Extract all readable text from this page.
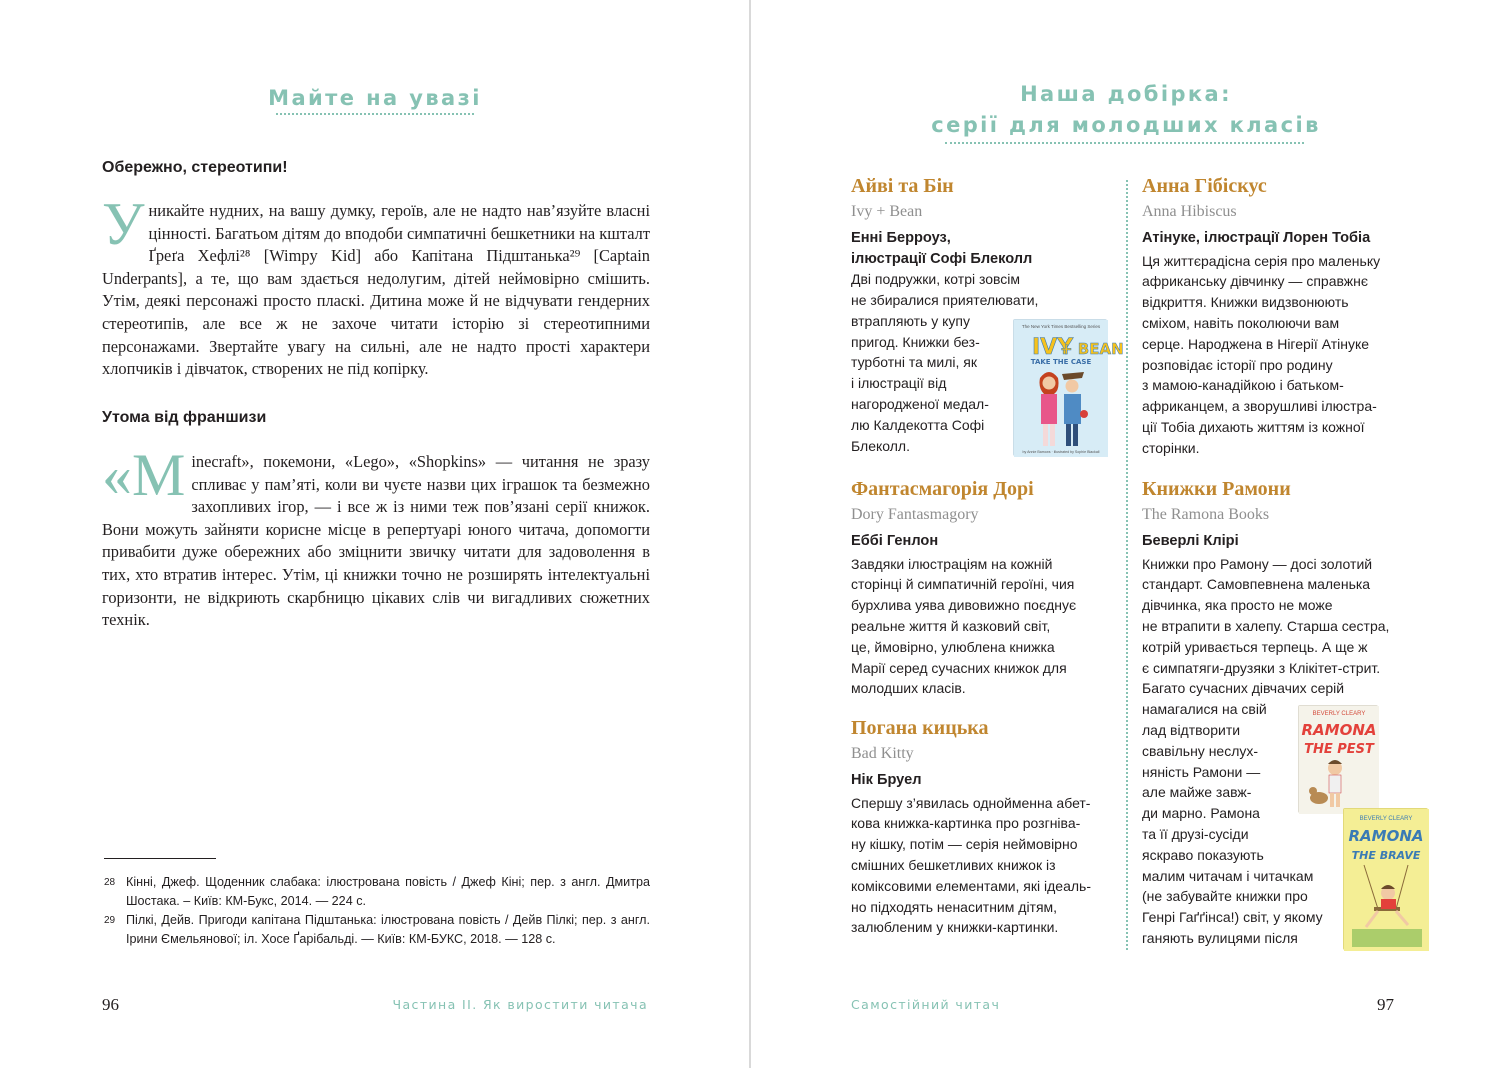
Майте на увазі
Обережно, стереотипи!
У никайте нудних, на вашу думку, героїв, але не надто нав’язуйте власні цінності. Багатьом дітям до вподоби симпатичні бешкетники на кшталт Ґреґа Хефлі²⁸ [Wimpy Kid] або Капітана Підштанька²⁹ [Captain Underpants], а те, що вам здається недолугим, дітей неймовірно смішить. Утім, деякі персонажі просто пласкі. Дитина може й не відчувати гендерних стереотипів, але все ж не захоче читати історію зі стереотипними персонажами. Звертайте увагу на сильні, але не надто прості характери хлопчиків і дівчаток, створених не під копірку.
Утома від франшизи
«М inecraft», покемони, «Lego», «Shopkins» — читання не зразу спливає у пам’яті, коли ви чуєте назви цих іграшок та безмежно захопливих ігор, — і все ж із ними теж пов’язані серії книжок. Вони можуть зайняти корисне місце в репертуарі юного читача, допомогти привабити дуже обережних або зміцнити звичку читати для задоволення в тих, хто втратив інтерес. Утім, ці книжки точно не розширять інтелектуальні горизонти, не відкриють скарбницю цікавих слів чи вигадливих сюжетних технік.
28 Кінні, Джеф. Щоденник слабака: ілюстрована повість / Джеф Кіні; пер. з англ. Дмитра Шостака. – Київ: КМ-Букс, 2014. — 224 с.
29 Пілкі, Дейв. Пригоди капітана Підштанька: ілюстрована повість / Дейв Пілкі; пер. з англ. Ірини Ємельянової; іл. Хосе Ґарібальді. — Київ: КМ-БУКС, 2018. — 128 с.
96	Частина ІІ. Як виростити читача
Наша добірка:
серії для молодших класів
Айві та Бін
Ivy + Bean
Енні Берроуз,
ілюстрації Софі Блеколл
Дві подружки, котрі зовсім
не збиралися приятелювати,
втрапляють у купу
пригод. Книжки без-
турботні та милі, як
і ілюстрації від
нагородженої медал-
лю Калдекотта Софі
Блеколл.
Фантасмагорія Дорі
Dory Fantasmagory
Еббі Генлон
Завдяки ілюстраціям на кожній
сторінці й симпатичній героїні, чия
бурхлива уява дивовижно поєднує
реальне життя й казковий світ,
це, ймовірно, улюблена книжка
Марії серед сучасних книжок для
молодших класів.
Погана кицька
Bad Kitty
Нік Бруел
Спершу з’явилась однойменна абет-
кова книжка-картинка про розгніва-
ну кішку, потім — серія неймовірно
смішних бешкетливих книжок із
коміксовими елементами, які ідеаль-
но підходять ненаситним дітям,
залюбленим у книжки-картинки.
Анна Гібіскус
Anna Hibiscus
Атінуке, ілюстрації Лорен Тобіа
Ця життєрадісна серія про маленьку
африканську дівчинку — справжнє
відкриття. Книжки видзвонюють
сміхом, навіть поколюючи вам
серце. Народжена в Нігерії Атінуке
розповідає історії про родину
з мамою-канадійкою і батьком-
африканцем, а зворушливі ілюстра-
ції Тобіа дихають життям із кожної
сторінки.
Книжки Рамони
The Ramona Books
Беверлі Клірі
Книжки про Рамону — досі золотий
стандарт. Самовпевнена маленька
дівчинка, яка просто не може
не втрапити в халепу. Старша сестра,
котрій уривається терпець. А ще ж
є симпатяги-друзяки з Клікітет-стрит.
Багато сучасних дівчачих серій
намагалися на свій
лад відтворити
свавільну неслух-
няність Рамони —
але майже завж-
ди марно. Рамона
та її друзі-сусіди
яскраво показують
малим читачам і читачкам
(не забувайте книжки про
Генрі Гаґґінса!) світ, у якому
ганяють вулицями після
The New York Times Bestselling Series
IVY
+ BEAN
TAKE THE CASE
by Annie Barrows · illustrated by Sophie Blackall
BEVERLY CLEARY
RAMONA
THE PEST
BEVERLY CLEARY
RAMONA
THE BRAVE
Самостійний читач	97
